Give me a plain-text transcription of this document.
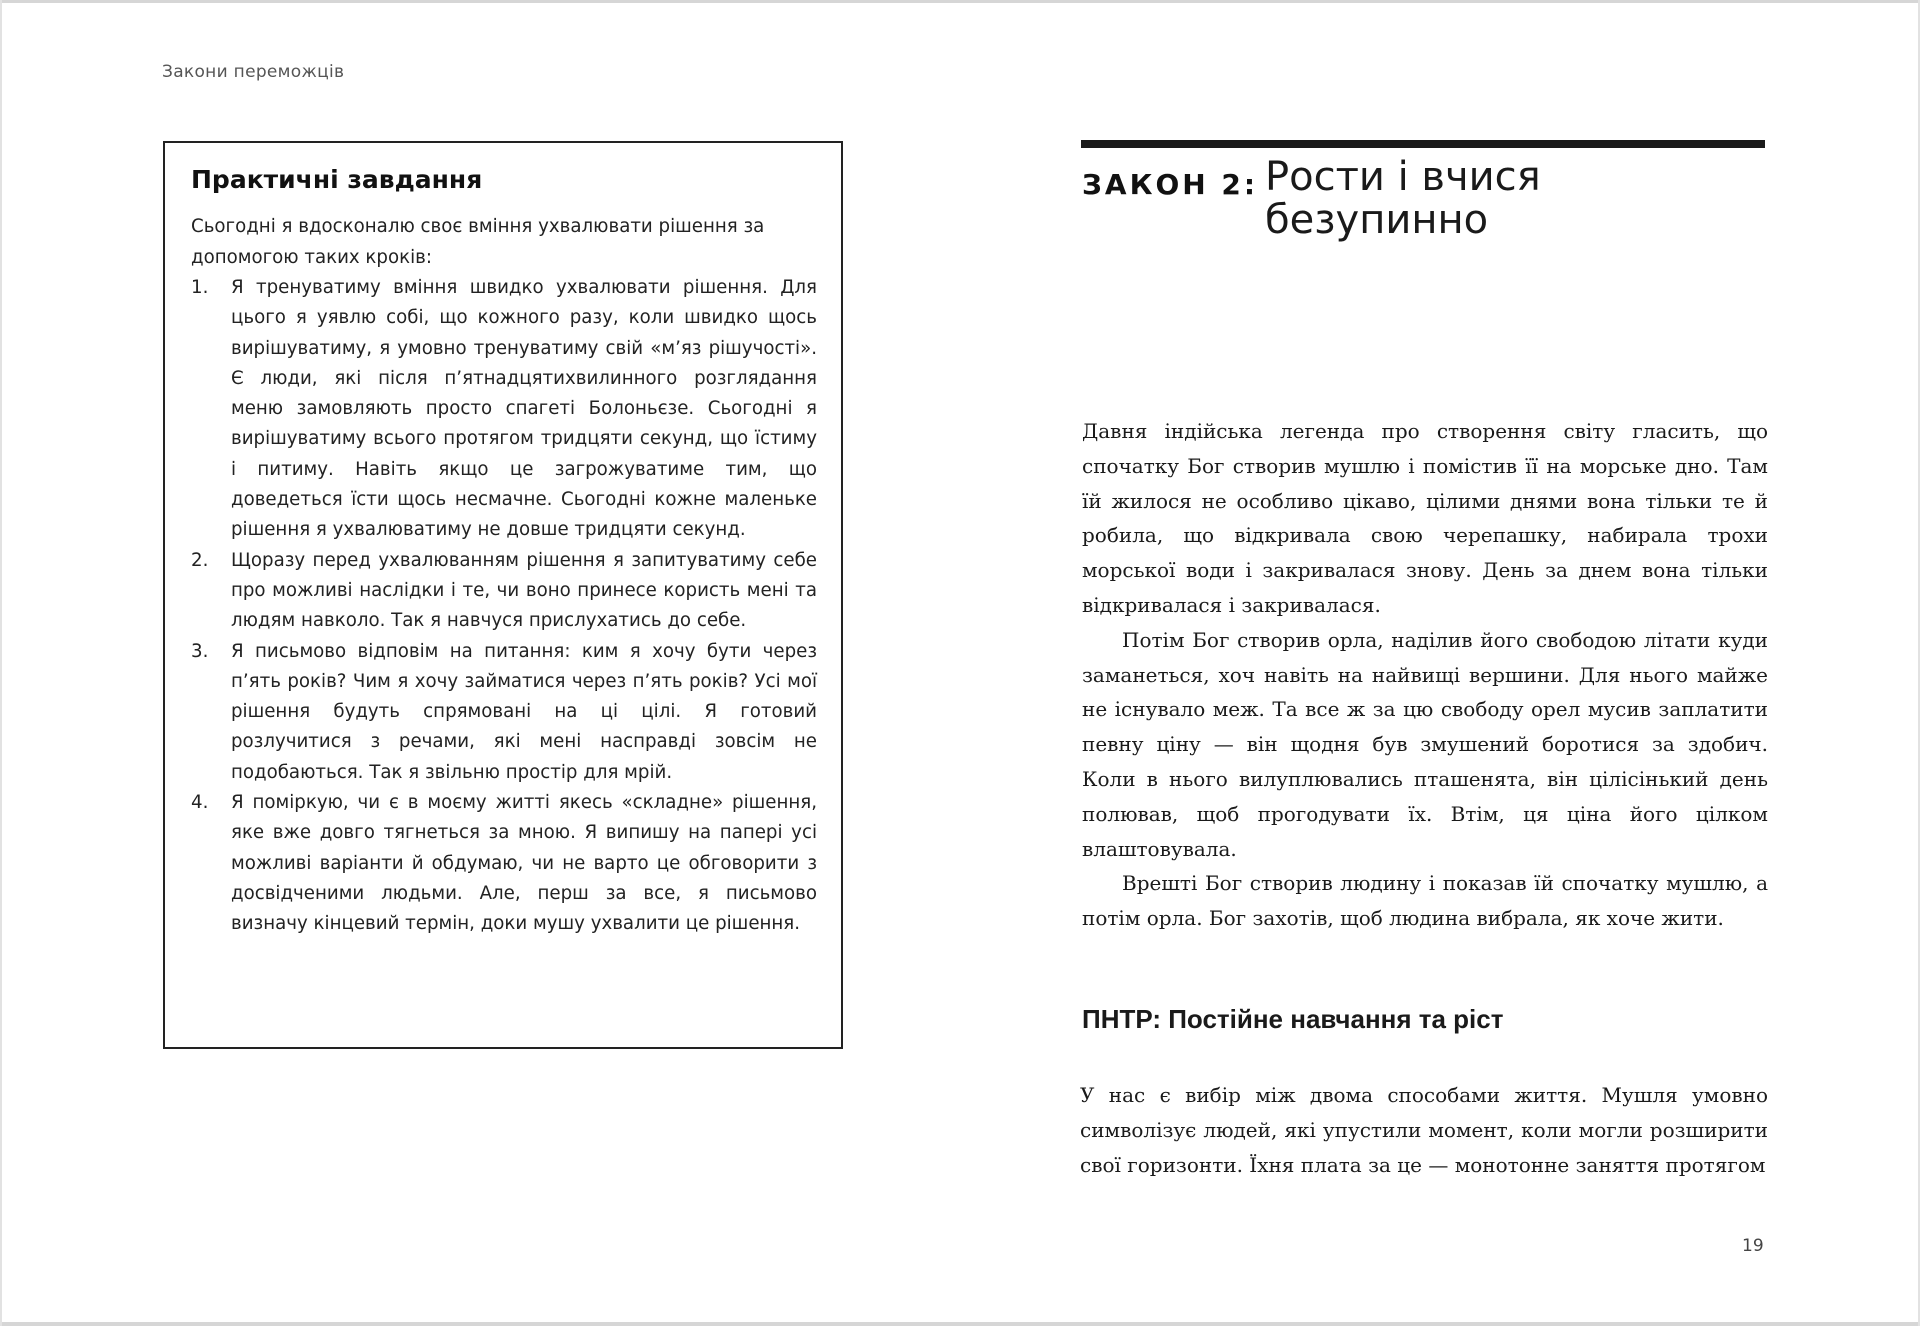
Закони переможців
Практичні завдання

Сьогодні я вдосконалю своє вміння ухвалювати рішення за допомогою таких кроків:

1. Я тренуватиму вміння швидко ухвалювати рішення. Для цього я уявлю собі, що кожного разу, коли швидко щось вирішуватиму, я умовно тренуватиму свій «м’яз рішучості». Є люди, які після п’ятнадцятихвилинного розглядання меню замовляють просто спагеті Болоньєзе. Сьогодні я вирішуватиму всього протягом тридцяти секунд, що їстиму і питиму. Навіть якщо це загрожуватиме тим, що доведеться їсти щось несмачне. Сьогодні кожне маленьке рішення я ухвалюватиму не довше тридцяти секунд.
2. Щоразу перед ухвалюванням рішення я запитуватиму себе про можливі наслідки і те, чи воно принесе користь мені та людям навколо. Так я навчуся прислухатись до себе.
3. Я письмово відповім на питання: ким я хочу бути через п’ять років? Чим я хочу займатися через п’ять років? Усі мої рішення будуть спрямовані на ці цілі. Я готовий розлучитися з речами, які мені насправді зовсім не подобаються. Так я звільню простір для мрій.
4. Я поміркую, чи є в моєму житті якесь «складне» рішення, яке вже довго тягнеться за мною. Я випишу на папері усі можливі варіанти й обдумаю, чи не варто це обговорити з досвідченими людьми. Але, перш за все, я письмово визначу кінцевий термін, доки мушу ухвалити це рішення.
ЗАКОН 2: Рости і вчися
безупинно

Давня індійська легенда про створення світу гласить, що спочатку Бог створив мушлю і помістив її на морське дно. Там їй жилося не особливо цікаво, цілими днями вона тільки те й робила, що відкривала свою черепашку, набирала трохи морської води і закривалася знову. День за днем вона тільки відкривалася і закривалася.

Потім Бог створив орла, наділив його свободою літати куди заманеться, хоч навіть на найвищі вершини. Для нього майже не існувало меж. Та все ж за цю свободу орел мусив заплатити певну ціну — він щодня був змушений боротися за здобич. Коли в нього вилуплювались пташенята, він цілісінький день полював, щоб прогодувати їх. Втім, ця ціна його цілком влаштовувала.

Врешті Бог створив людину і показав їй спочатку мушлю, а потім орла. Бог захотів, щоб людина вибрала, як хоче жити.

ПНТР: Постійне навчання та ріст

У нас є вибір між двома способами життя. Мушля умовно символізує людей, які упустили момент, коли могли розширити свої горизонти. Їхня плата за це — монотонне заняття протягом

19
